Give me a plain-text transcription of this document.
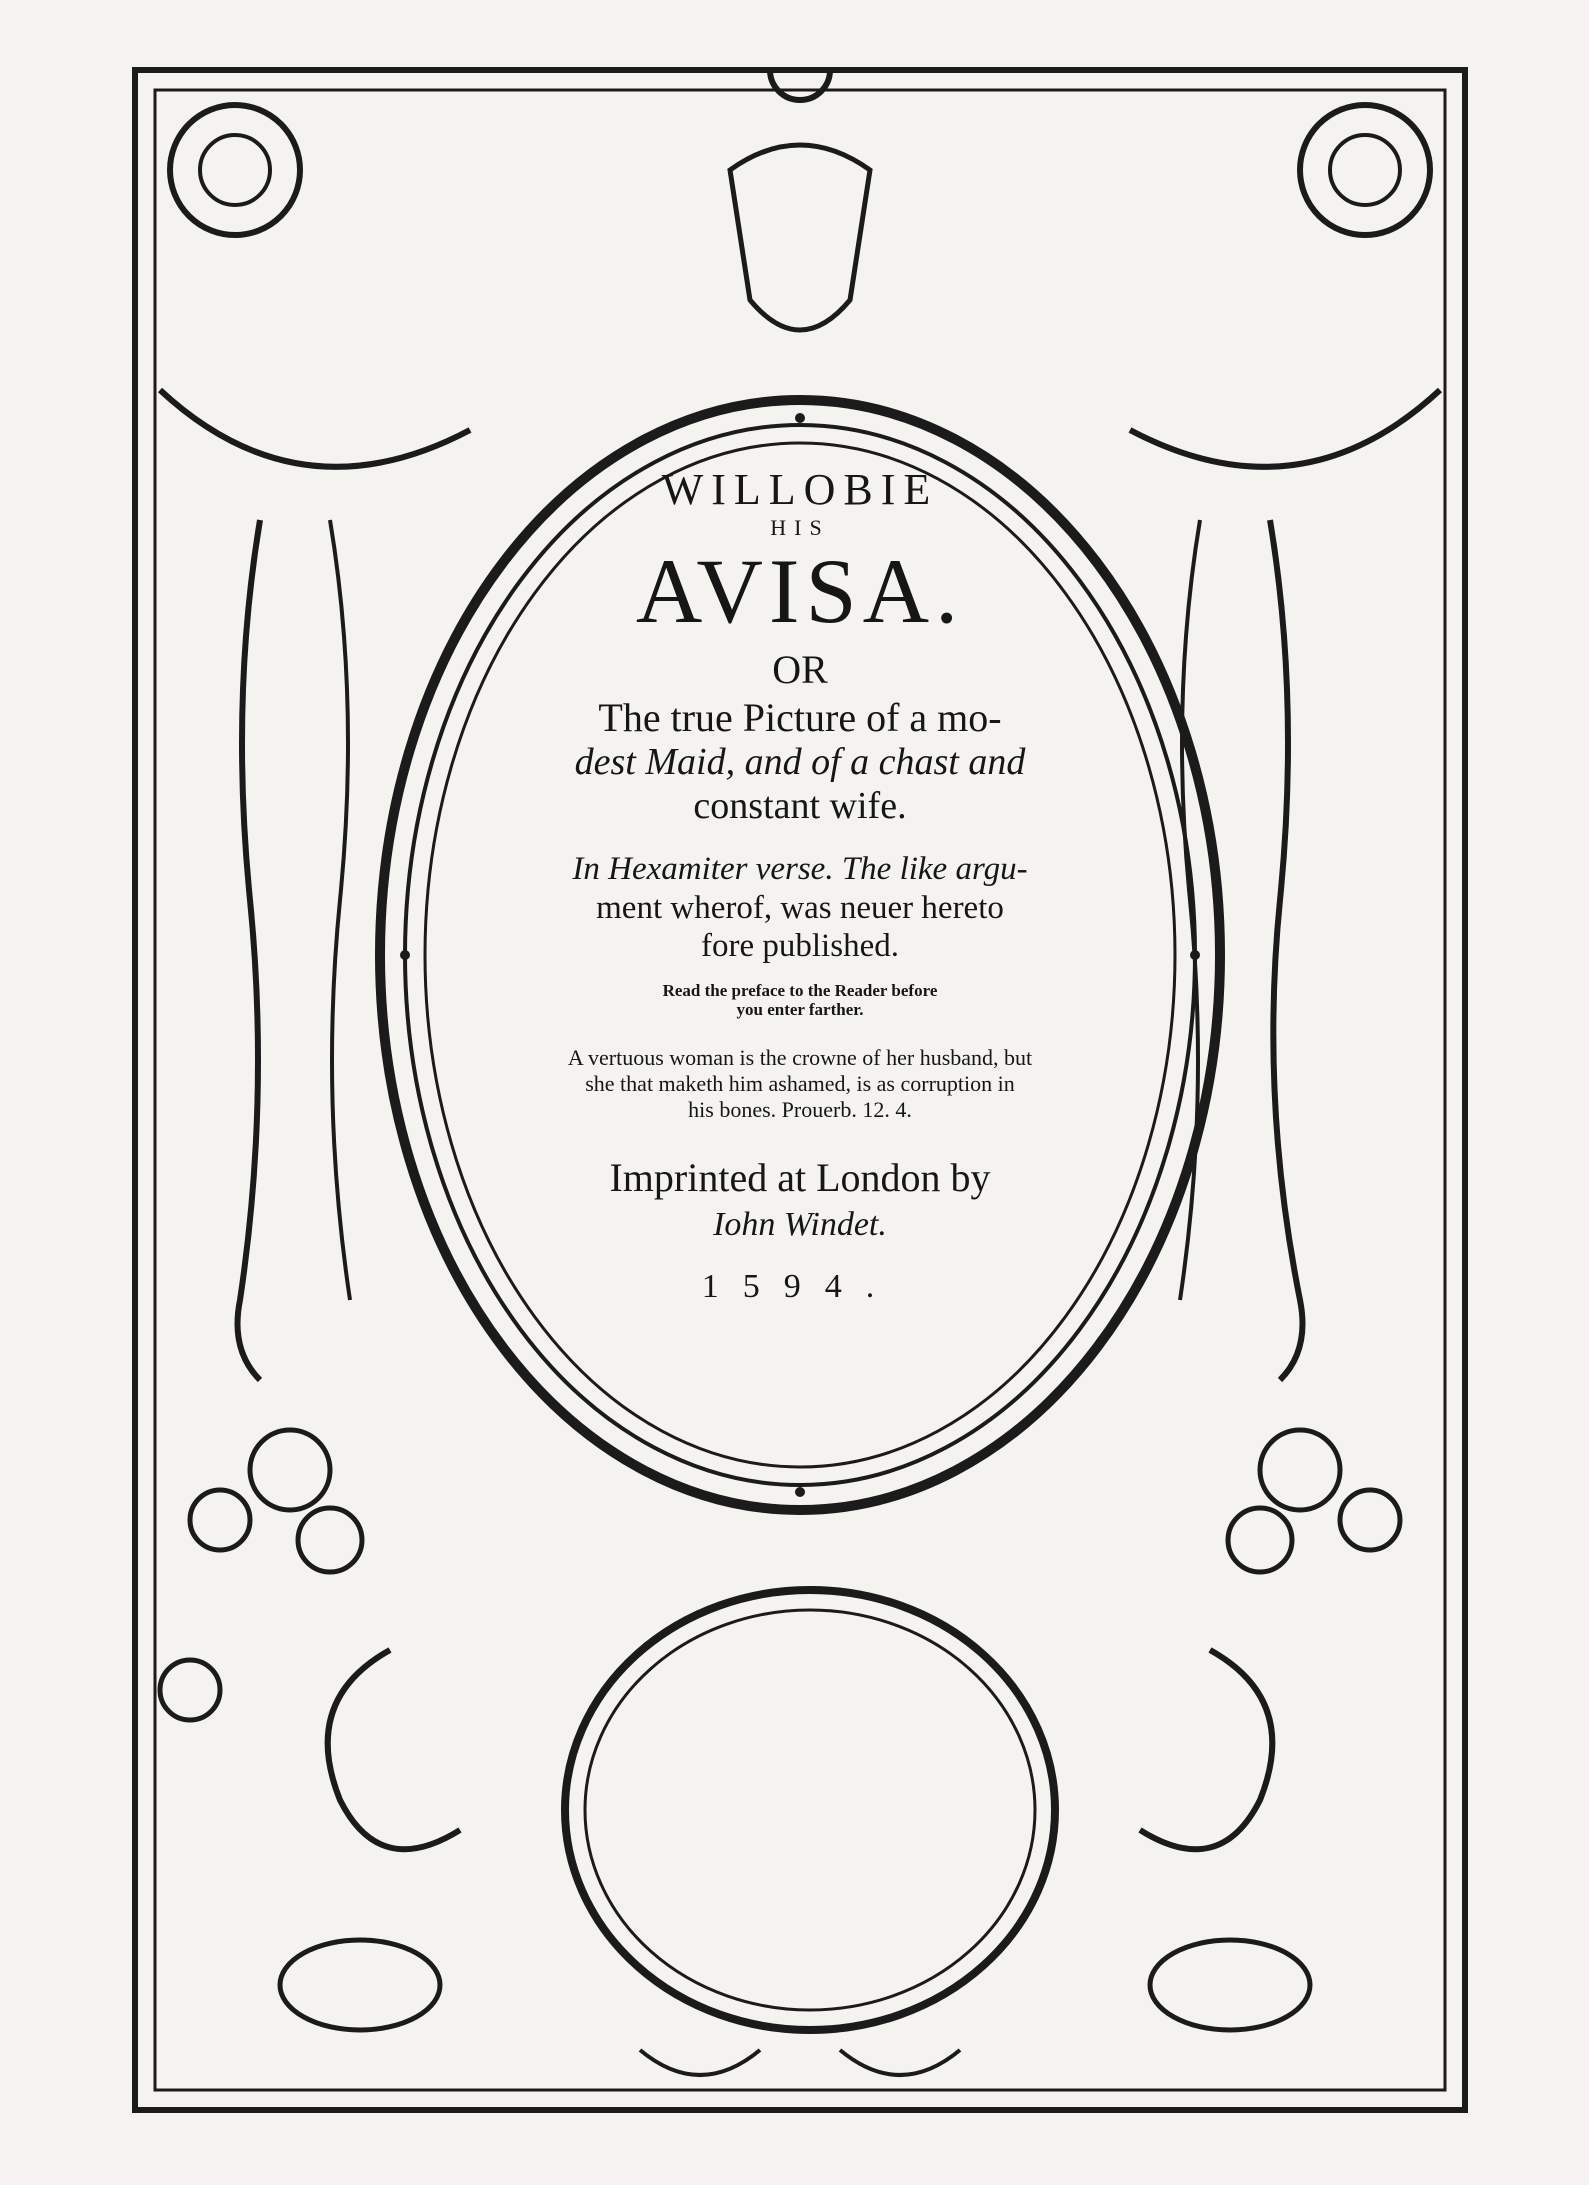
WILLOBIE
HIS
AVISA.
OR
The true Picture of a mo-
dest Maid, and of a chast and
constant wife.
In Hexamiter verse. The like argu-
ment wherof, was neuer hereto
fore published.
Read the preface to the Reader before
you enter farther.
A vertuous woman is the crowne of her husband, but
she that maketh him ashamed, is as corruption in
his bones. Prouerb. 12. 4.
Imprinted at London by
Iohn Windet.
1594.
